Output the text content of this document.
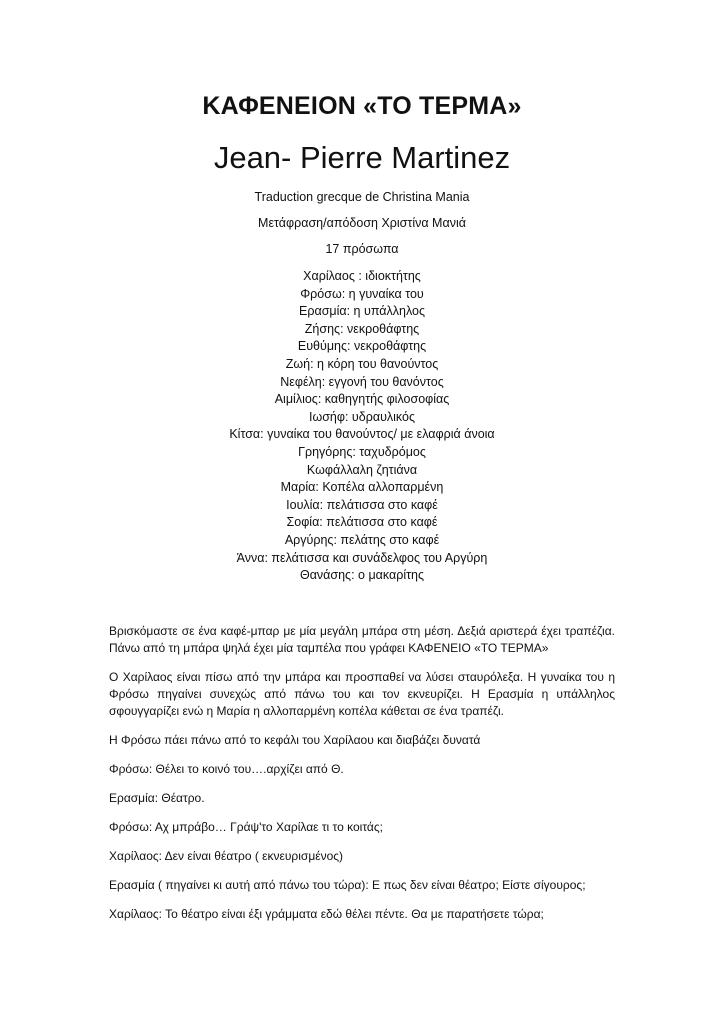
ΚΑΦΕΝΕΙΟΝ «ΤΟ ΤΕΡΜΑ»
Jean- Pierre Martinez
Traduction grecque de Christina Mania
Μετάφραση/απόδοση Χριστίνα Μανιά
17 πρόσωπα
Χαρίλαος : ιδιοκτήτης
Φρόσω: η γυναίκα του
Ερασμία: η υπάλληλος
Ζήσης: νεκροθάφτης
Ευθύμης: νεκροθάφτης
Ζωή: η κόρη του θανούντος
Νεφέλη: εγγονή του θανόντος
Αιμίλιος: καθηγητής φιλοσοφίας
Ιωσήφ: υδραυλικός
Κίτσα: γυναίκα του θανούντος/ με ελαφριά άνοια
Γρηγόρης: ταχυδρόμος
Κωφάλλαλη ζητιάνα
Μαρία: Κοπέλα αλλοπαρμένη
Ιουλία: πελάτισσα στο καφέ
Σοφία: πελάτισσα στο καφέ
Αργύρης: πελάτης στο καφέ
Άννα: πελάτισσα και συνάδελφος του Αργύρη
Θανάσης: ο μακαρίτης

Βρισκόμαστε σε ένα καφέ-μπαρ με μία μεγάλη μπάρα στη μέση. Δεξιά αριστερά έχει τραπέζια. Πάνω από τη μπάρα ψηλά έχει μία ταμπέλα που γράφει ΚΑΦΕΝΕΙΟ «ΤΟ ΤΕΡΜΑ»

Ο Χαρίλαος είναι πίσω από την μπάρα και προσπαθεί να λύσει σταυρόλεξα. Η γυναίκα του η Φρόσω πηγαίνει συνεχώς από πάνω του και τον εκνευρίζει. Η Ερασμία η υπάλληλος σφουγγαρίζει ενώ η Μαρία η αλλοπαρμένη κοπέλα κάθεται σε ένα τραπέζι.

Η Φρόσω πάει πάνω από το κεφάλι του Χαρίλαου και διαβάζει δυνατά

Φρόσω: Θέλει το κοινό του….αρχίζει από Θ.

Ερασμία: Θέατρο.

Φρόσω: Αχ μπράβο… Γράψ'το Χαρίλαε τι το κοιτάς;

Χαρίλαος: Δεν είναι θέατρο ( εκνευρισμένος)

Ερασμία ( πηγαίνει κι αυτή από πάνω του τώρα): Ε πως δεν είναι θέατρο; Είστε σίγουρος;

Χαρίλαος: Το θέατρο είναι έξι γράμματα εδώ θέλει πέντε. Θα με παρατήσετε τώρα;
